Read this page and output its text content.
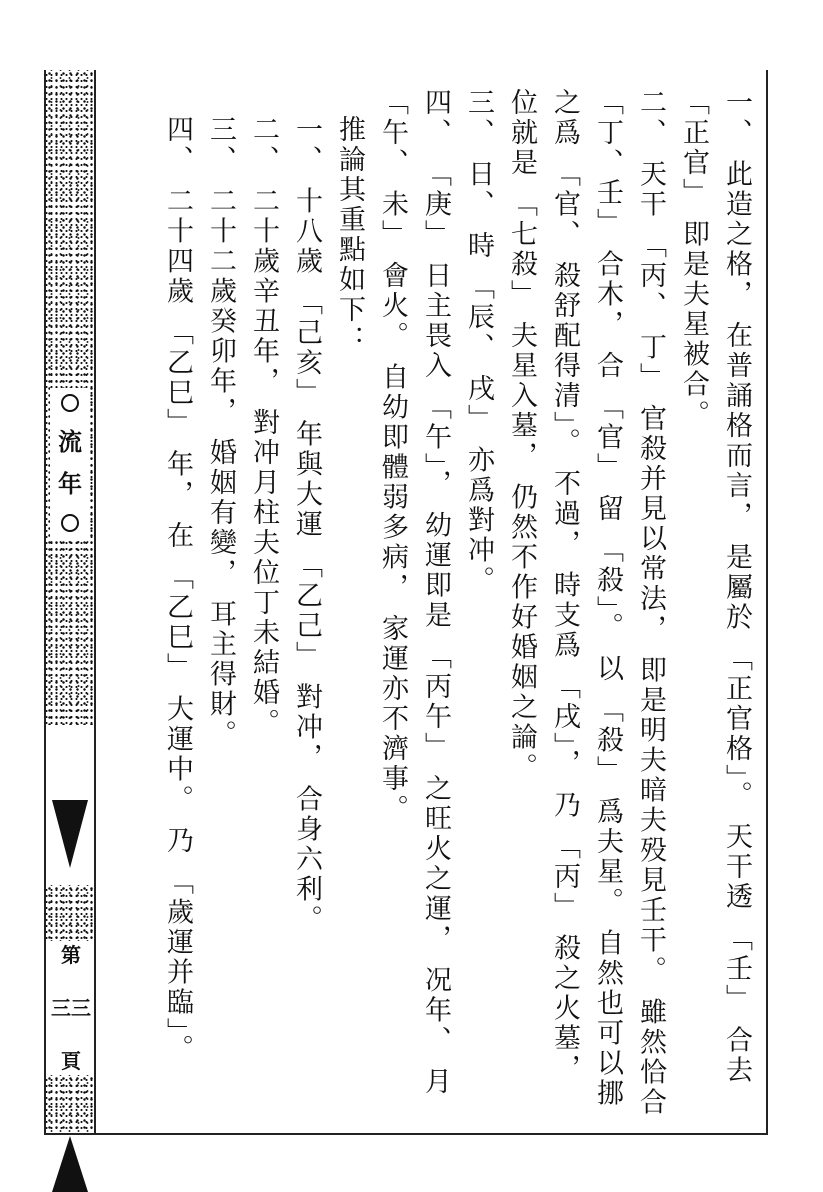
流
年
第
三三
頁	一、 此造之格， 在普誦格而言， 是屬於 「正官格」。 天干透 「壬」 合去 「正官」 即是夫星被合。

二、 天干 「丙、 丁」 官殺并見以常法， 即是明夫暗夫殁見壬干。 雖然恰合 「丁、壬」 合木， 合 「官」 留 「殺」。 以 「殺」 爲夫星。 自然也可以挪之爲 「官、 殺舒配得清」。 不過， 時支爲 「戌」， 乃 「丙」 殺之火墓， 位就是 「七殺」 夫星入墓， 仍然不作好婚姻之論。

三、 日、 時 「辰、 戌」 亦爲對冲。

四、 「庚」 日主畏入 「午」， 幼運即是 「丙午」 之旺火之運， 况年、 月 「午、 未」 會火。 自幼即體弱多病， 家運亦不濟事。

推論其重點如下：

一、 十八歲 「己亥」 年與大運 「乙己」 對冲， 合身六利。

二、 二十歲辛丑年， 對冲月柱夫位丁未結婚。

三、 二十二歲癸卯年， 婚姻有變， 耳主得財。

四、 二十四歲 「乙巳」 年， 在 「乙巳」 大運中。 乃 「歲運并臨」。
